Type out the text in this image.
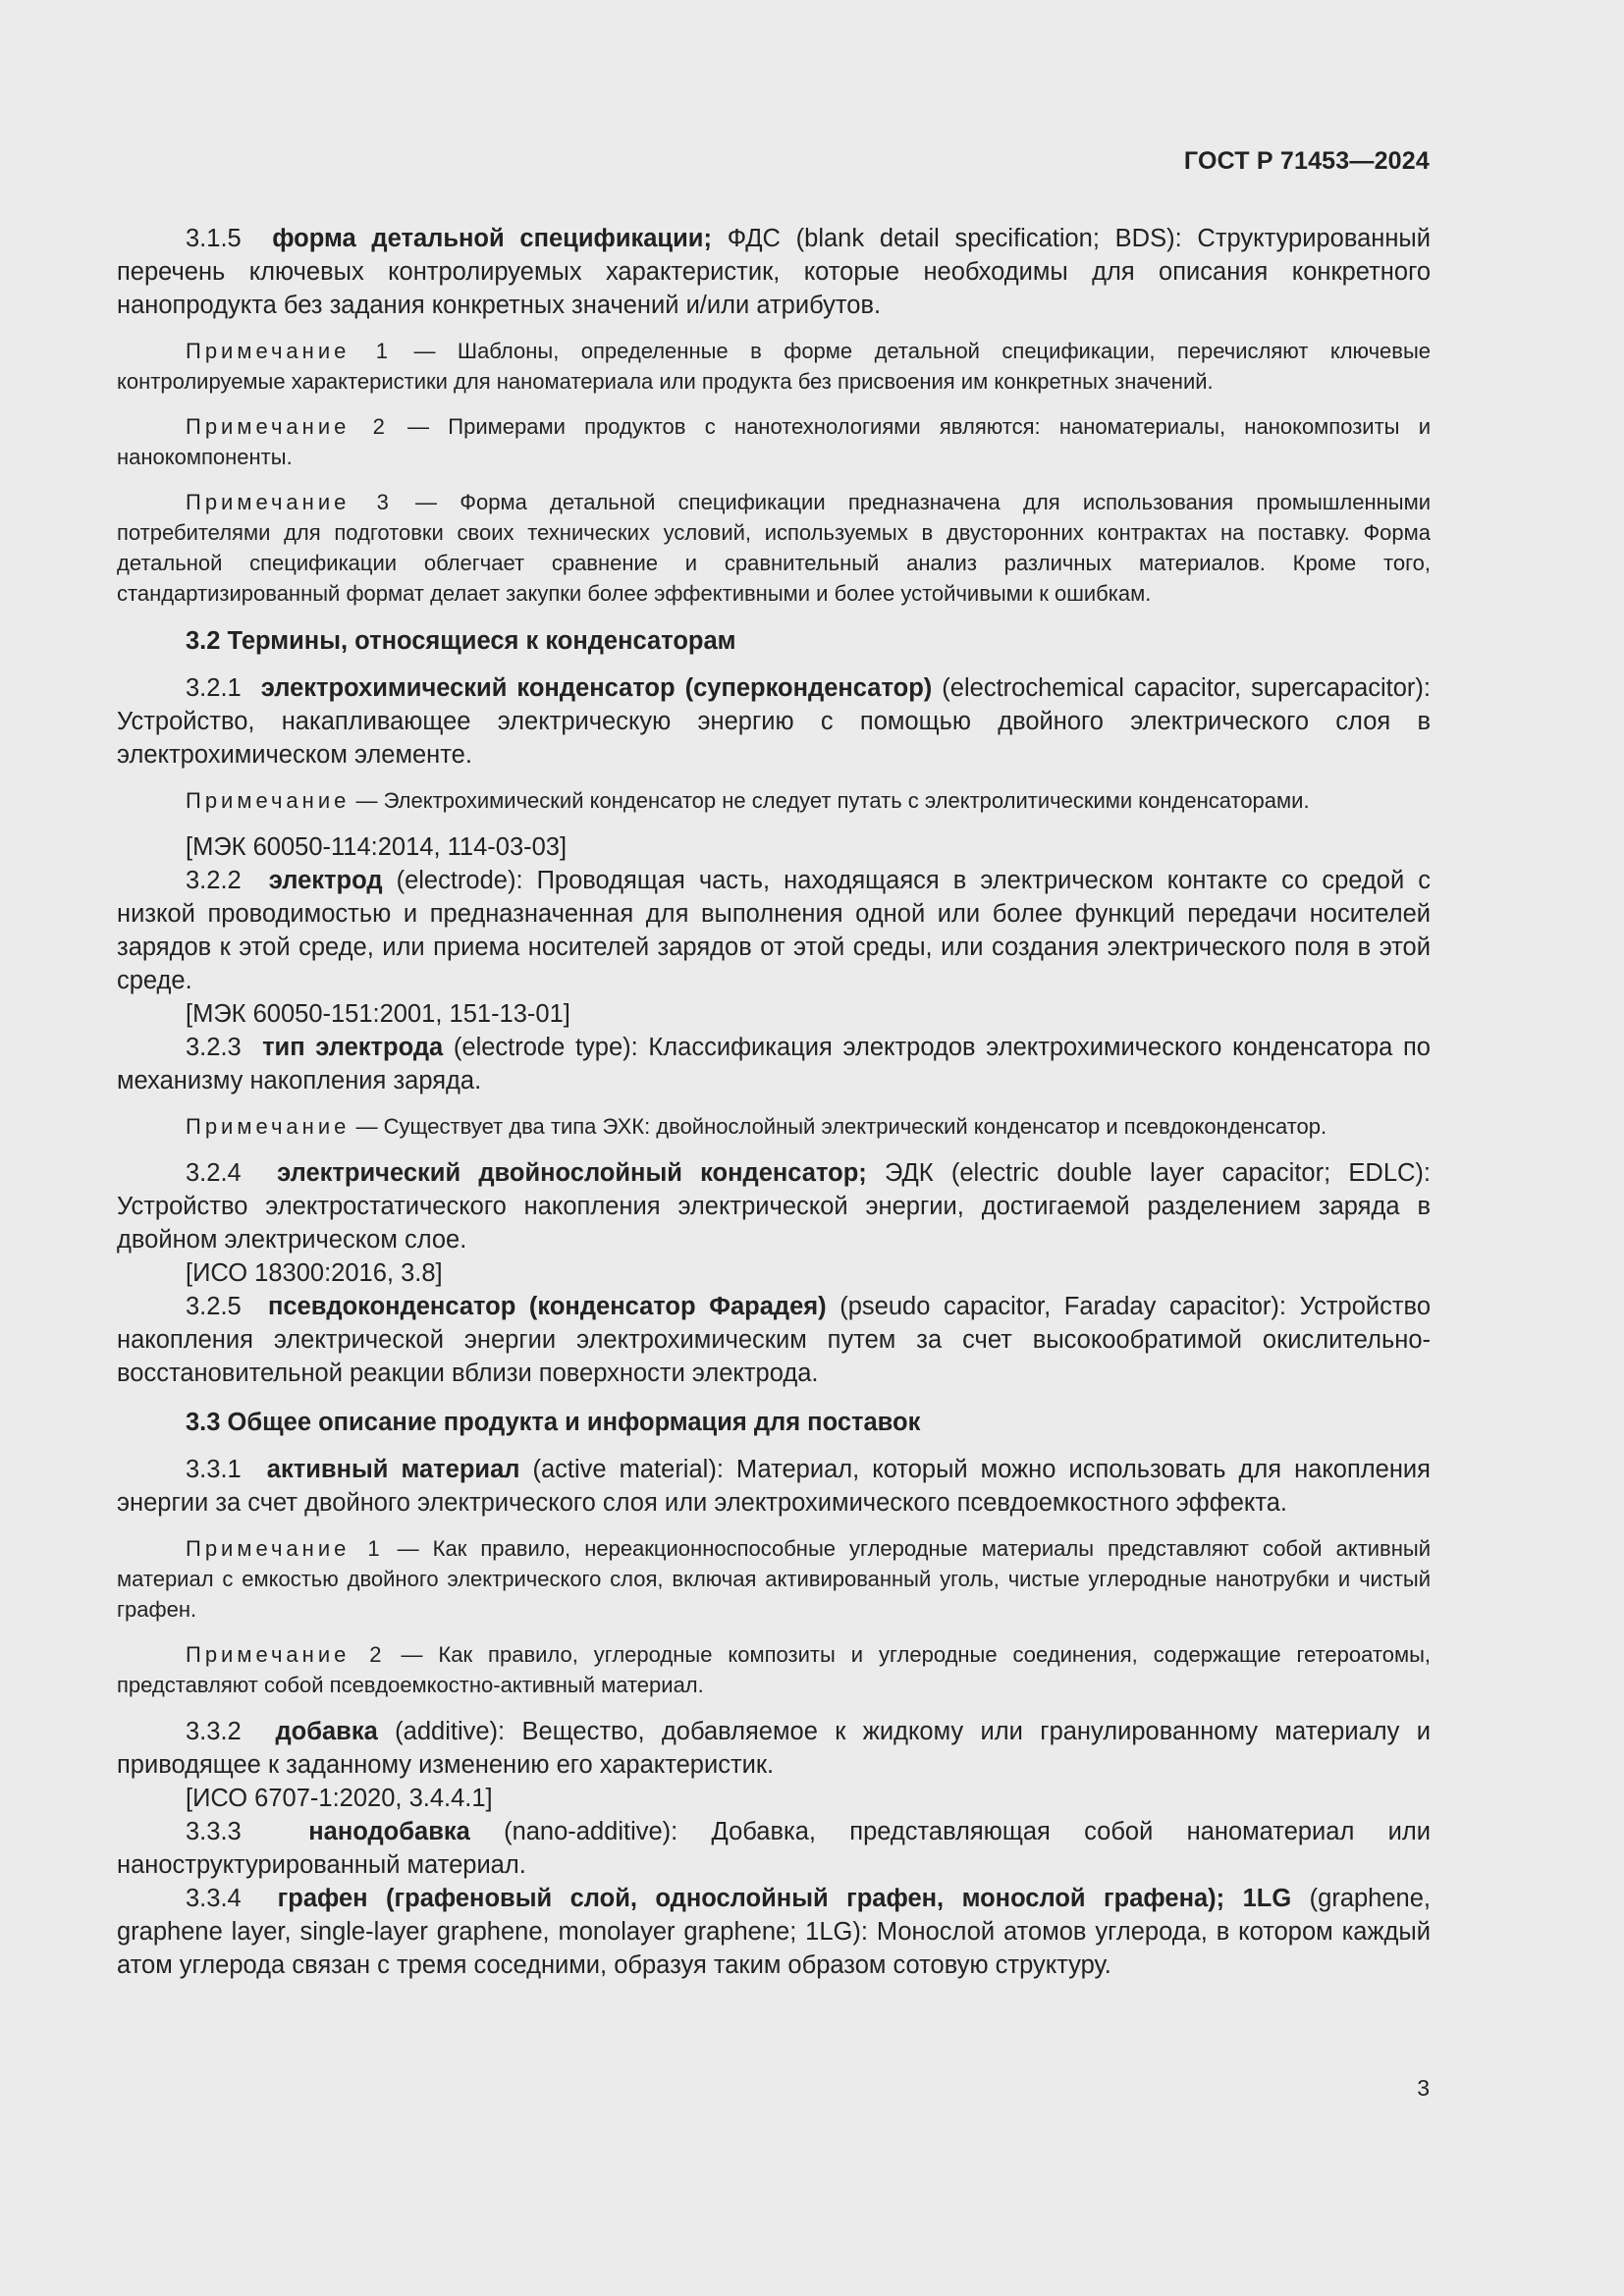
ГОСТ Р 71453—2024

3.1.5 форма детальной спецификации; ФДС (blank detail specification; BDS): Структурированный перечень ключевых контролируемых характеристик, которые необходимы для описания конкретного нанопродукта без задания конкретных значений и/или атрибутов.

Примечание 1 — Шаблоны, определенные в форме детальной спецификации, перечисляют ключевые контролируемые характеристики для наноматериала или продукта без присвоения им конкретных значений.

Примечание 2 — Примерами продуктов с нанотехнологиями являются: наноматериалы, нанокомпозиты и нанокомпоненты.

Примечание 3 — Форма детальной спецификации предназначена для использования промышленными потребителями для подготовки своих технических условий, используемых в двусторонних контрактах на поставку. Форма детальной спецификации облегчает сравнение и сравнительный анализ различных материалов. Кроме того, стандартизированный формат делает закупки более эффективными и более устойчивыми к ошибкам.

3.2 Термины, относящиеся к конденсаторам

3.2.1 электрохимический конденсатор (суперконденсатор) (electrochemical capacitor, supercapacitor): Устройство, накапливающее электрическую энергию с помощью двойного электрического слоя в электрохимическом элементе.

Примечание — Электрохимический конденсатор не следует путать с электролитическими конденсаторами.

[МЭК 60050-114:2014, 114-03-03]

3.2.2 электрод (electrode): Проводящая часть, находящаяся в электрическом контакте со средой с низкой проводимостью и предназначенная для выполнения одной или более функций передачи носителей зарядов к этой среде, или приема носителей зарядов от этой среды, или создания электрического поля в этой среде.

[МЭК 60050-151:2001, 151-13-01]

3.2.3 тип электрода (electrode type): Классификация электродов электрохимического конденсатора по механизму накопления заряда.

Примечание — Существует два типа ЭХК: двойнослойный электрический конденсатор и псевдоконденсатор.

3.2.4 электрический двойнослойный конденсатор; ЭДК (electric double layer capacitor; EDLC): Устройство электростатического накопления электрической энергии, достигаемой разделением заряда в двойном электрическом слое.

[ИСО 18300:2016, 3.8]

3.2.5 псевдоконденсатор (конденсатор Фарадея) (pseudo capacitor, Faraday capacitor): Устройство накопления электрической энергии электрохимическим путем за счет высокообратимой окислительно-восстановительной реакции вблизи поверхности электрода.

3.3 Общее описание продукта и информация для поставок

3.3.1 активный материал (active material): Материал, который можно использовать для накопления энергии за счет двойного электрического слоя или электрохимического псевдоемкостного эффекта.

Примечание 1 — Как правило, нереакционноспособные углеродные материалы представляют собой активный материал с емкостью двойного электрического слоя, включая активированный уголь, чистые углеродные нанотрубки и чистый графен.

Примечание 2 — Как правило, углеродные композиты и углеродные соединения, содержащие гетероатомы, представляют собой псевдоемкостно-активный материал.

3.3.2 добавка (additive): Вещество, добавляемое к жидкому или гранулированному материалу и приводящее к заданному изменению его характеристик.

[ИСО 6707-1:2020, 3.4.4.1]

3.3.3	нанодобавка (nano-additive): Добавка, представляющая собой наноматериал или наноструктурированный материал.

3.3.4 графен (графеновый слой, однослойный графен, монослой графена); 1LG (graphene, graphene layer, single-layer graphene, monolayer graphene; 1LG): Монослой атомов углерода, в котором каждый атом углерода связан с тремя соседними, образуя таким образом сотовую структуру.

3
